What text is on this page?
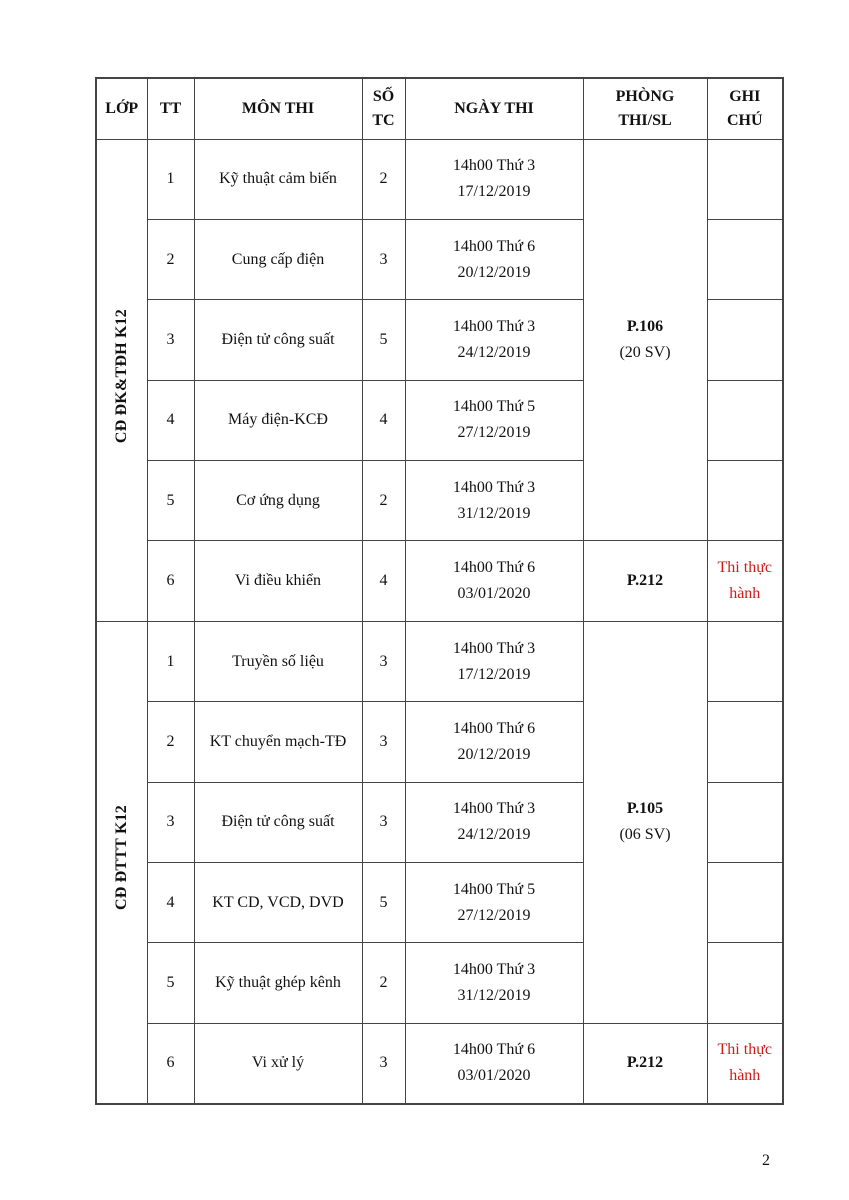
LỚP	TT	MÔN THI	SỐ
TC	NGÀY THI	PHÒNG
THI/SL	GHI
CHÚ
CĐ ĐK&TĐH K12	1	Kỹ thuật cảm biến	2	14h00 Thứ 3
17/12/2019	P.106
(20 SV)	
	2	Cung cấp điện	3	14h00 Thứ 6
20/12/2019		
	3	Điện tử công suất	5	14h00 Thứ 3
24/12/2019		
	4	Máy điện-KCĐ	4	14h00 Thứ 5
27/12/2019		
	5	Cơ ứng dụng	2	14h00 Thứ 3
31/12/2019		
	6	Vi điều khiển	4	14h00 Thứ 6
03/01/2020	P.212	Thi thực
hành
CĐ ĐTTT K12	1	Truyền số liệu	3	14h00 Thứ 3
17/12/2019	P.105
(06 SV)	
	2	KT chuyển mạch-TĐ	3	14h00 Thứ 6
20/12/2019		
	3	Điện tử công suất	3	14h00 Thứ 3
24/12/2019		
	4	KT CD, VCD, DVD	5	14h00 Thứ 5
27/12/2019		
	5	Kỹ thuật ghép kênh	2	14h00 Thứ 3
31/12/2019		
	6	Vi xử lý	3	14h00 Thứ 6
03/01/2020	P.212	Thi thực
hành
2
